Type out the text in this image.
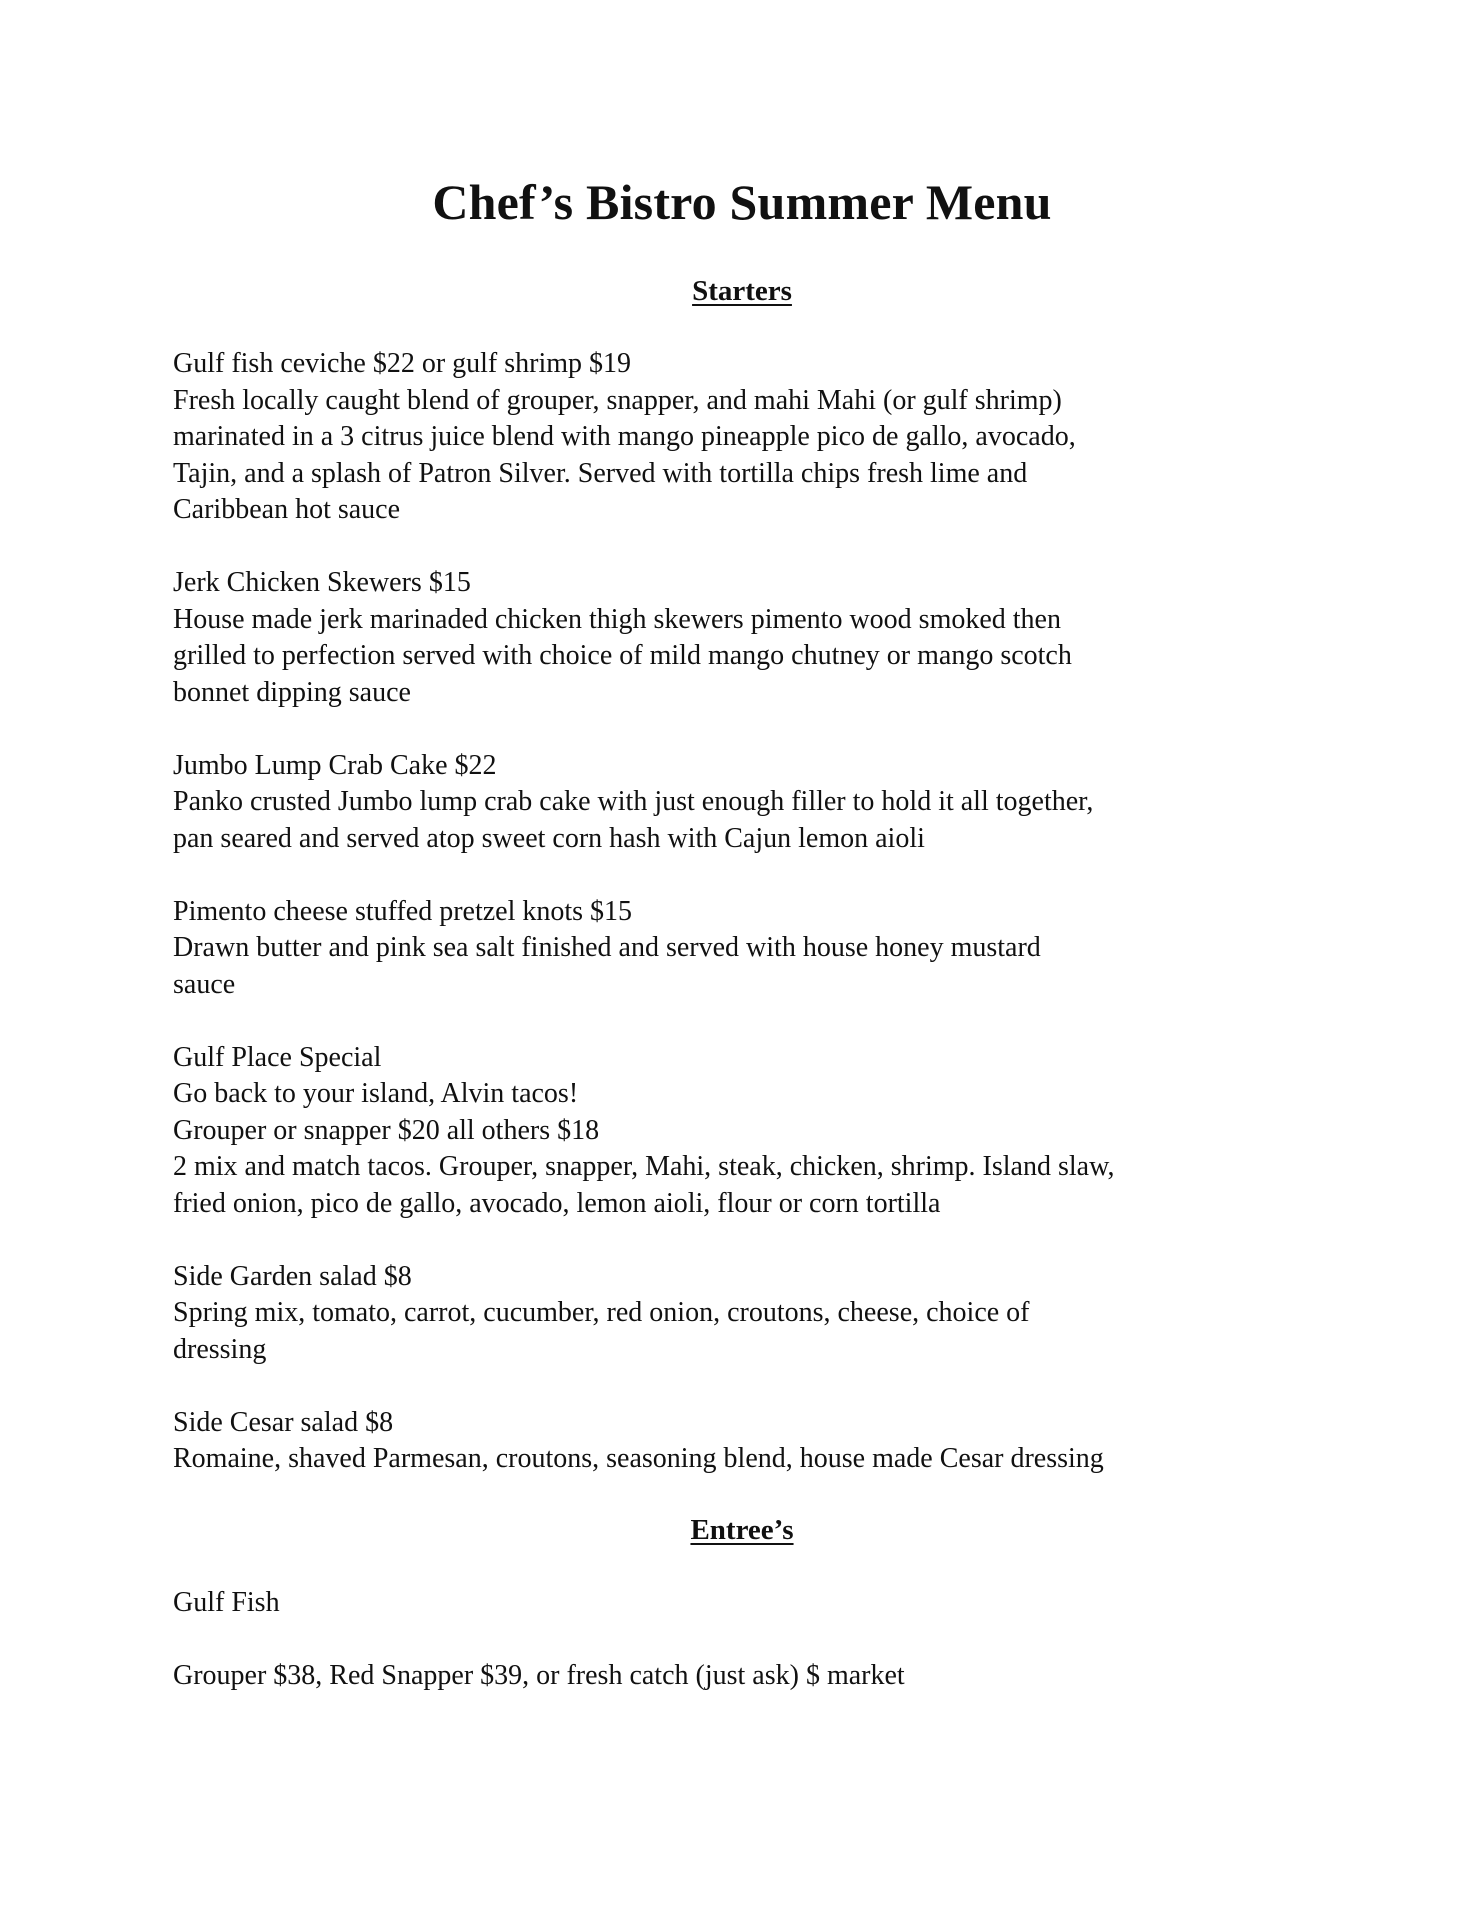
Chef’s Bistro Summer Menu
Starters
Gulf fish ceviche $22 or gulf shrimp $19
Fresh locally caught blend of grouper, snapper, and mahi Mahi (or gulf shrimp)
marinated in a 3 citrus juice blend with mango pineapple pico de gallo, avocado,
Tajin, and a splash of Patron Silver. Served with tortilla chips fresh lime and
Caribbean hot sauce
Jerk Chicken Skewers $15
House made jerk marinaded chicken thigh skewers pimento wood smoked then
grilled to perfection served with choice of mild mango chutney or mango scotch
bonnet dipping sauce
Jumbo Lump Crab Cake $22
Panko crusted Jumbo lump crab cake with just enough filler to hold it all together,
pan seared and served atop sweet corn hash with Cajun lemon aioli
Pimento cheese stuffed pretzel knots $15
Drawn butter and pink sea salt finished and served with house honey mustard
sauce
Gulf Place Special
Go back to your island, Alvin tacos!
Grouper or snapper $20 all others $18
2 mix and match tacos. Grouper, snapper, Mahi, steak, chicken, shrimp. Island slaw,
fried onion, pico de gallo, avocado, lemon aioli, flour or corn tortilla
Side Garden salad $8
Spring mix, tomato, carrot, cucumber, red onion, croutons, cheese, choice of
dressing
Side Cesar salad $8
Romaine, shaved Parmesan, croutons, seasoning blend, house made Cesar dressing
Entree’s
Gulf Fish
Grouper $38, Red Snapper $39, or fresh catch (just ask) $ market
